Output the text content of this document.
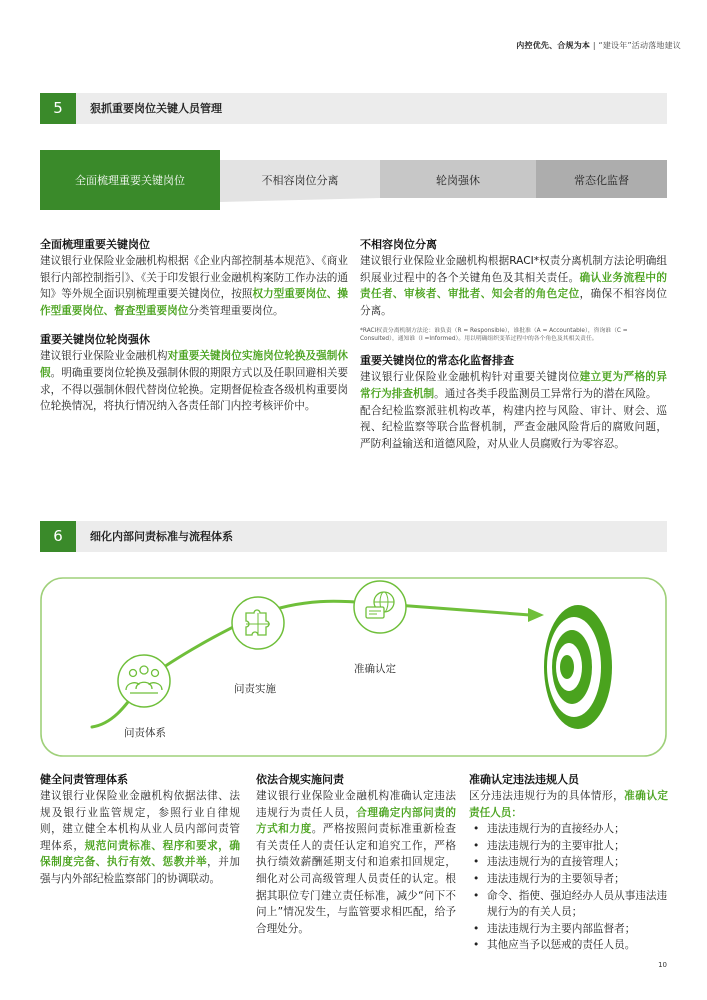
内控优先、合规为本 | “建设年”活动落地建议
5	狠抓重要岗位关键人员管理
全面梳理重要关键岗位	不相容岗位分离	轮岗强休	常态化监督
全面梳理重要关键岗位

建议银行业保险业金融机构根据《企业内部控制基本规范》、《商业银行内部控制指引》、《关于印发银行业金融机构案防工作办法的通知》等外规全面识别梳理重要关键岗位，按照权力型重要岗位、操作型重要岗位、督查型重要岗位分类管理重要岗位。

重要关键岗位轮岗强休

建议银行业保险业金融机构对重要关键岗位实施岗位轮换及强制休假。明确重要岗位轮换及强制休假的期限方式以及任职回避相关要求，不得以强制休假代替岗位轮换。定期督促检查各级机构重要岗位轮换情况，将执行情况纳入各责任部门内控考核评价中。

不相容岗位分离

建议银行业保险业金融机构根据RACI*权责分离机制方法论明确组织展业过程中的各个关键角色及其相关责任。确认业务流程中的责任者、审核者、审批者、知会者的角色定位，确保不相容岗位分离。

*RACI权责分离机制方法论：谁负责（R = Responsible），谁批准（A = Accountable），咨询谁（C = Consulted），通知谁（I =Informed）。用以明确组织变革过程中的各个角色及其相关责任。
重要关键岗位的常态化监督排查

建议银行业保险业金融机构针对重要关键岗位建立更为严格的异常行为排查机制。通过各类手段监测员工异常行为的潜在风险。

配合纪检监察派驻机构改革，构建内控与风险、审计、财会、巡视、纪检监察等联合监督机制，严查金融风险背后的腐败问题，严防利益输送和道德风险，对从业人员腐败行为零容忍。

6	细化内部问责标准与流程体系
问责体系
问责实施
准确认定
健全问责管理体系

建议银行业保险业金融机构依据法律、法规及银行业监管规定，参照行业自律规则，建立健全本机构从业人员内部问责管理体系，规范问责标准、程序和要求，确保制度完备、执行有效、惩教并举，并加强与内外部纪检监察部门的协调联动。

依法合规实施问责

建议银行业保险业金融机构准确认定违法违规行为责任人员，合理确定内部问责的方式和力度。严格按照问责标准重新检查有关责任人的责任认定和追究工作，严格执行绩效薪酬延期支付和追索扣回规定，细化对公司高级管理人员责任的认定。根据其职位专门建立责任标准，减少“问下不问上”情况发生，与监管要求相匹配，给予合理处分。

准确认定违法违规人员

区分违法违规行为的具体情形，准确认定责任人员：

• 违法违规行为的直接经办人；
• 违法违规行为的主要审批人；
• 违法违规行为的直接管理人；
• 违法违规行为的主要领导者；
• 命令、指使、强迫经办人员从事违法违规行为的有关人员；
• 违法违规行为主要内部监督者；
• 其他应当予以惩戒的责任人员。
10
